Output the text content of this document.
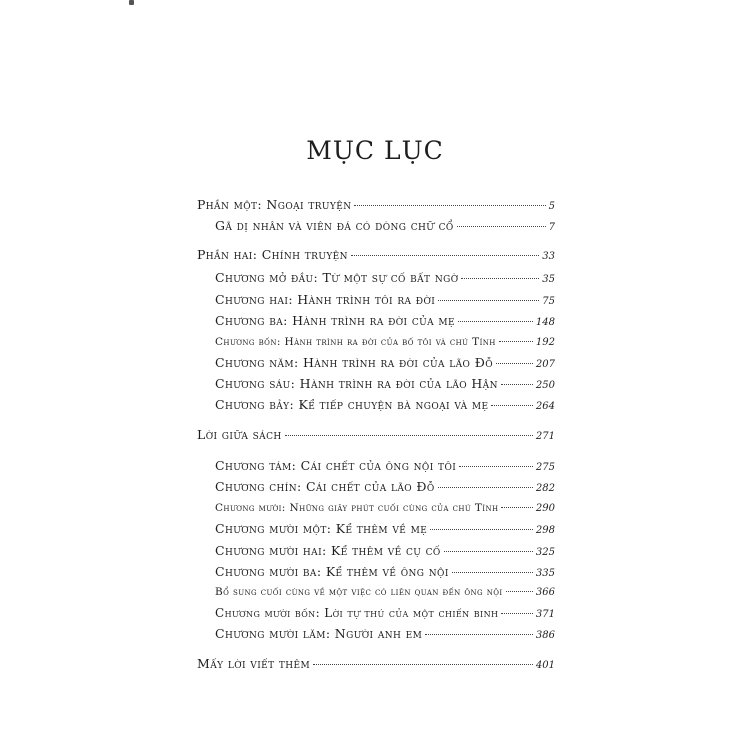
MỤC LỤC
Phần một: Ngoại truyện	5
Gã dị nhân và viên đá có dòng chữ cổ	7
Phần hai: Chính truyện	33
Chương mở đầu: Từ một sự cố bất ngờ	35
Chương hai: Hành trình tôi ra đời	75
Chương ba: Hành trình ra đời của mẹ	148
Chương bốn: Hành trình ra đời của bố tôi và chú Tính	192
Chương năm: Hành trình ra đời của lão Đỗ	207
Chương sáu: Hành trình ra đời của lão Hận	250
Chương bảy: Kể tiếp chuyện bà ngoại và mẹ	264
Lời giữa sách	271
Chương tám: Cái chết của ông nội tôi	275
Chương chín: Cái chết của lão Đỗ	282
Chương mười: Những giây phút cuối cùng của chú Tính	290
Chương mười một: Kể thêm về mẹ	298
Chương mười hai: Kể thêm về cụ cố	325
Chương mười ba: Kể thêm về ông nội	335
Bổ sung cuối cùng về một việc có liên quan đến ông nội	366
Chương mười bốn: Lời tự thú của một chiến binh	371
Chương mười lăm: Người anh em	386
Mấy lời viết thêm	401
